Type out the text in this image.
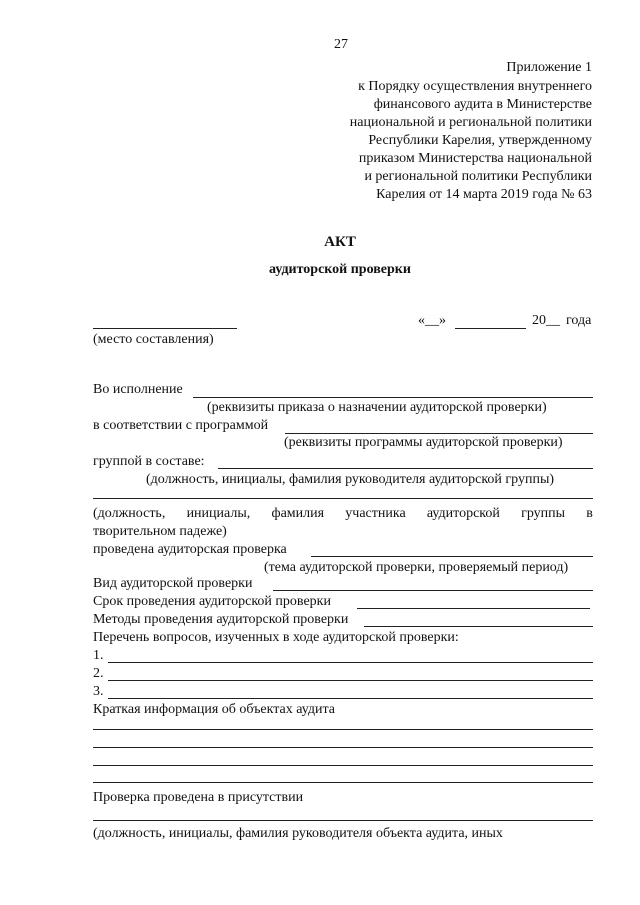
27
Приложение 1
к Порядку осуществления внутреннего
финансового аудита в Министерстве
национальной и региональной политики
Республики Карелия, утвержденному
приказом Министерства национальной
и региональной политики Республики
Карелия от 14 марта 2019 года № 63
АКТ
аудиторской проверки
(место составления)
«__»	20__ года
Во исполнение
(реквизиты приказа о назначении аудиторской проверки)
в соответствии с программой
(реквизиты программы аудиторской проверки)
группой в составе:
(должность, инициалы, фамилия руководителя аудиторской группы)
(должность, инициалы, фамилия участника аудиторской группы в
творительном падеже)
проведена аудиторская проверка
(тема аудиторской проверки, проверяемый период)
Вид аудиторской проверки
Срок проведения аудиторской проверки
Методы проведения аудиторской проверки
Перечень вопросов, изученных в ходе аудиторской проверки:
1.
2.
3.
Краткая информация об объектах аудита
Проверка проведена в присутствии
(должность, инициалы, фамилия руководителя объекта аудита, иных
